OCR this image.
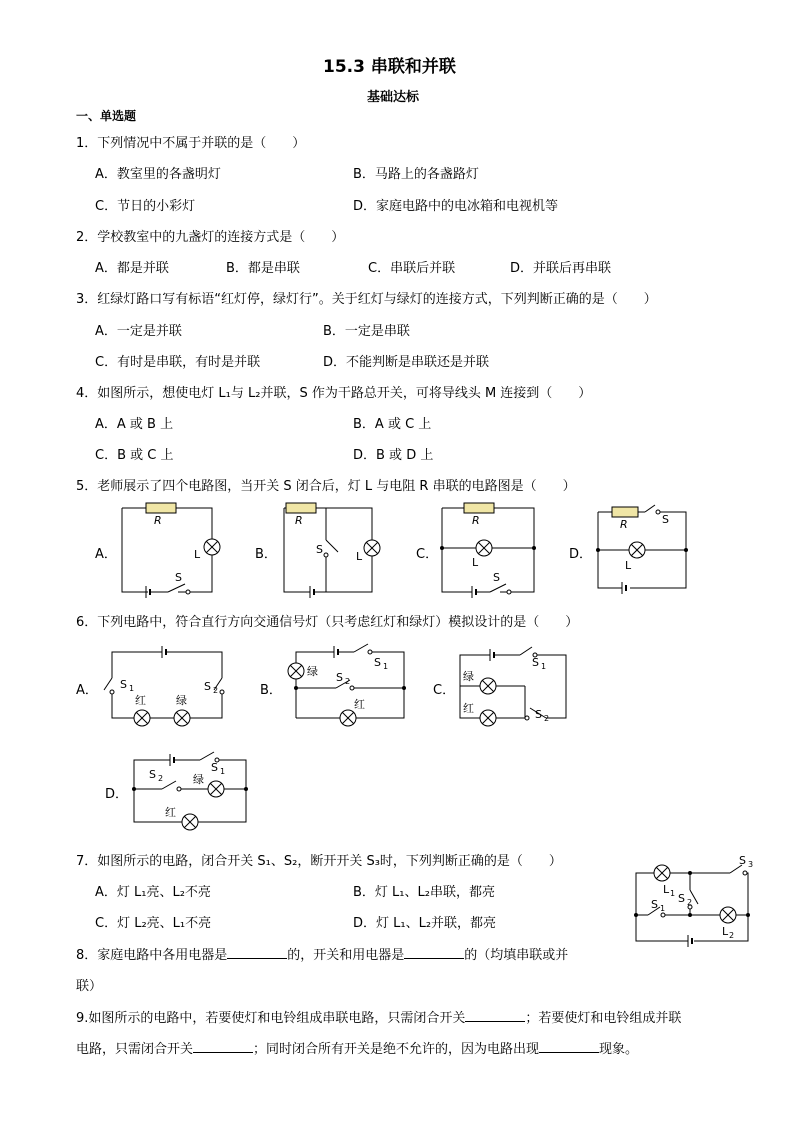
15.3 串联和并联
基础达标
一、单选题
1．下列情况中不属于并联的是（　　）
A．教室里的各盏明灯	B．马路上的各盏路灯
C．节日的小彩灯	D．家庭电路中的电冰箱和电视机等
2．学校教室中的九盏灯的连接方式是（　　）
A．都是并联	B．都是串联	C．串联后并联	D．并联后再串联
3．红绿灯路口写有标语“红灯停，绿灯行”。关于红灯与绿灯的连接方式，下列判断正确的是（　　）
A．一定是并联	B．一定是串联
C．有时是串联，有时是并联	D．不能判断是串联还是并联
4．如图所示，想使电灯 L₁与 L₂并联，S 作为干路总开关，可将导线头 M 连接到（　　）
A．A 或 B 上	B．A 或 C 上
C．B 或 C 上	D．B 或 D 上
5．老师展示了四个电路图，当开关 S 闭合后，灯 L 与电阻 R 串联的电路图是（　　）
A．	B．	C．	D．
R	R	R	R
L
S
S
L	L
S
S
L
6．下列电路中，符合直行方向交通信号灯（只考虑红灯和绿灯）模拟设计的是（　　）
A．	B．	C．
D．
S 1	S 2
红	绿
绿
S 1
S 2
红
S 1
绿
红	S 2
S 1
S 2	绿
红
7．如图所示的电路，闭合开关 S₁、S₂，断开开关 S₃时，下列判断正确的是（　　）
A．灯 L₁亮、L₂不亮	B．灯 L₁、L₂串联，都亮
C．灯 L₂亮、L₁不亮	D．灯 L₁、L₂并联，都亮
S 3
L 1 S 2
S 1
L 2
8．家庭电路中各用电器是	的，开关和用电器是	的（均填串联或并
联）
9.如图所示的电路中，若要使灯和电铃组成串联电路，只需闭合开关	；若要使灯和电铃组成并联
电路，只需闭合开关	；同时闭合所有开关是绝不允许的，因为电路出现	现象。
